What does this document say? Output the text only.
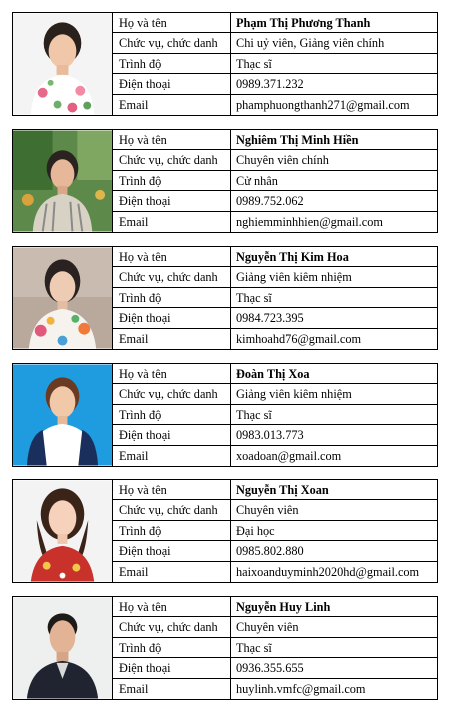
Họ và tên	Phạm Thị Phương Thanh
Chức vụ, chức danh	Chi uỷ viên, Giảng viên chính
Trình độ	Thạc sĩ
Điện thoại	0989.371.232
Email	phamphuongthanh271@gmail.com
Họ và tên	Nghiêm Thị Minh Hiền
Chức vụ, chức danh	Chuyên viên chính
Trình độ	Cử nhân
Điện thoại	0989.752.062
Email	nghiemminhhien@gmail.com
Họ và tên	Nguyễn Thị Kim Hoa
Chức vụ, chức danh	Giảng viên kiêm nhiệm
Trình độ	Thạc sĩ
Điện thoại	0984.723.395
Email	kimhoahd76@gmail.com
Họ và tên	Đoàn Thị Xoa
Chức vụ, chức danh	Giảng viên kiêm nhiệm
Trình độ	Thạc sĩ
Điện thoại	0983.013.773
Email	xoadoan@gmail.com
Họ và tên	Nguyễn Thị Xoan
Chức vụ, chức danh	Chuyên viên
Trình độ	Đại học
Điện thoại	0985.802.880
Email	haixoanduyminh2020hd@gmail.com
Họ và tên	Nguyễn Huy Linh
Chức vụ, chức danh	Chuyên viên
Trình độ	Thạc sĩ
Điện thoại	0936.355.655
Email	huylinh.vmfc@gmail.com
